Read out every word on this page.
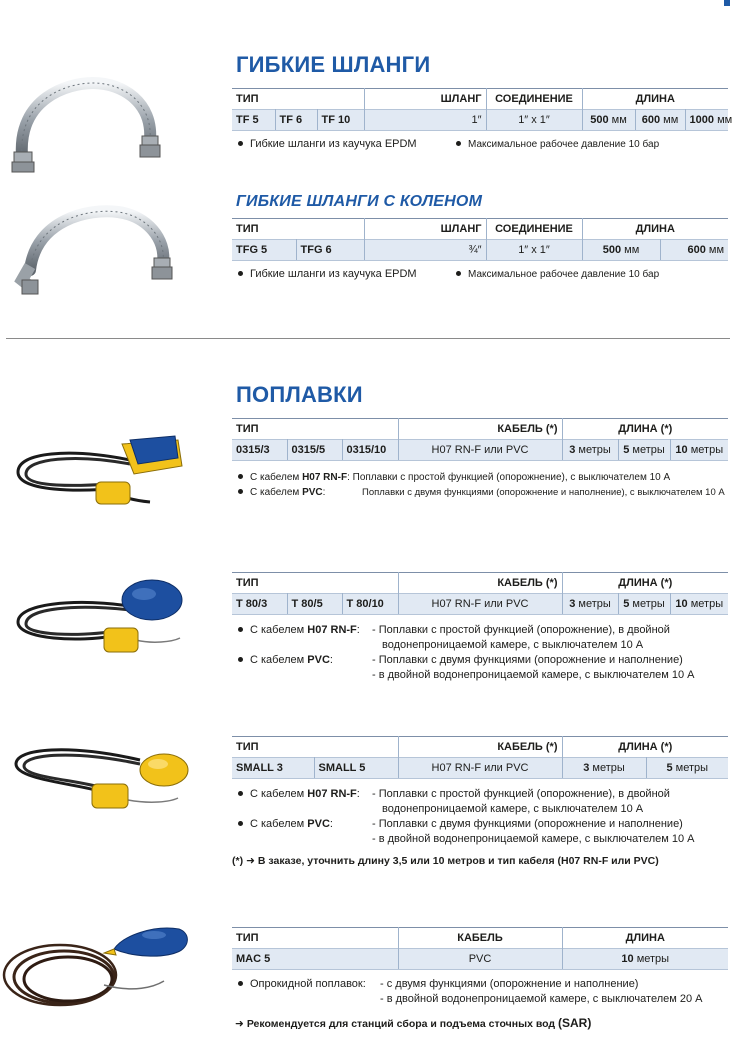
ГИБКИЕ ШЛАНГИ
ТИП			ШЛАНГ	СОЕДИНЕНИЕ	ДЛИНА		
TF 5	TF 6	TF 10	1″	1″ x 1″	500 мм	600 мм	1000 мм
Гибкие шланги из каучука EPDM	Максимальное рабочее давление 10 бар
ГИБКИЕ ШЛАНГИ С КОЛЕНОМ
ТИП		ШЛАНГ	СОЕДИНЕНИЕ	ДЛИНА	
TFG 5	TFG 6	¾″	1″ x 1″	500 мм	600 мм
Гибкие шланги из каучука EPDM	Максимальное рабочее давление 10 бар
ПОПЛАВКИ
ТИП			КАБЕЛЬ (*)	ДЛИНА (*)		
0315/3	0315/5	0315/10	H07 RN-F или PVC	3 метры	5 метры	10 метры
С кабелем H07 RN-F: Поплавки с простой функцией (опорожнение), с выключателем 10 А
С кабелем PVC:	Поплавки с двумя функциями (опорожнение и наполнение), с выключателем 10 А
ТИП			КАБЕЛЬ (*)	ДЛИНА (*)		
T 80/3	T 80/5	T 80/10	H07 RN-F или PVC	3 метры	5 метры	10 метры
С кабелем H07 RN-F: - Поплавки с простой функцией (опорожнение), в двойной
водонепроницаемой камере, с выключателем 10 А
С кабелем PVC:	- Поплавки с двумя функциями (опорожнение и наполнение)
- в двойной водонепроницаемой камере, с выключателем 10 А
ТИП		КАБЕЛЬ (*)	ДЛИНА (*)	
SMALL 3	SMALL 5	H07 RN-F или PVC	3 метры	5 метры
С кабелем H07 RN-F: - Поплавки с простой функцией (опорожнение), в двойной
водонепроницаемой камере, с выключателем 10 А
С кабелем PVC:	- Поплавки с двумя функциями (опорожнение и наполнение)
- в двойной водонепроницаемой камере, с выключателем 10 А
(*) ➜ В заказе, уточнить длину 3,5 или 10 метров и тип кабеля (H07 RN-F или PVC)
ТИП	КАБЕЛЬ	ДЛИНА
MAC 5	PVC	10 метры
Опрокидной поплавок: - с двумя функциями (опорожнение и наполнение)
- в двойной водонепроницаемой камере, с выключателем 20 А
➜ Рекомендуется для станций сбора и подъема сточных вод (SAR)
